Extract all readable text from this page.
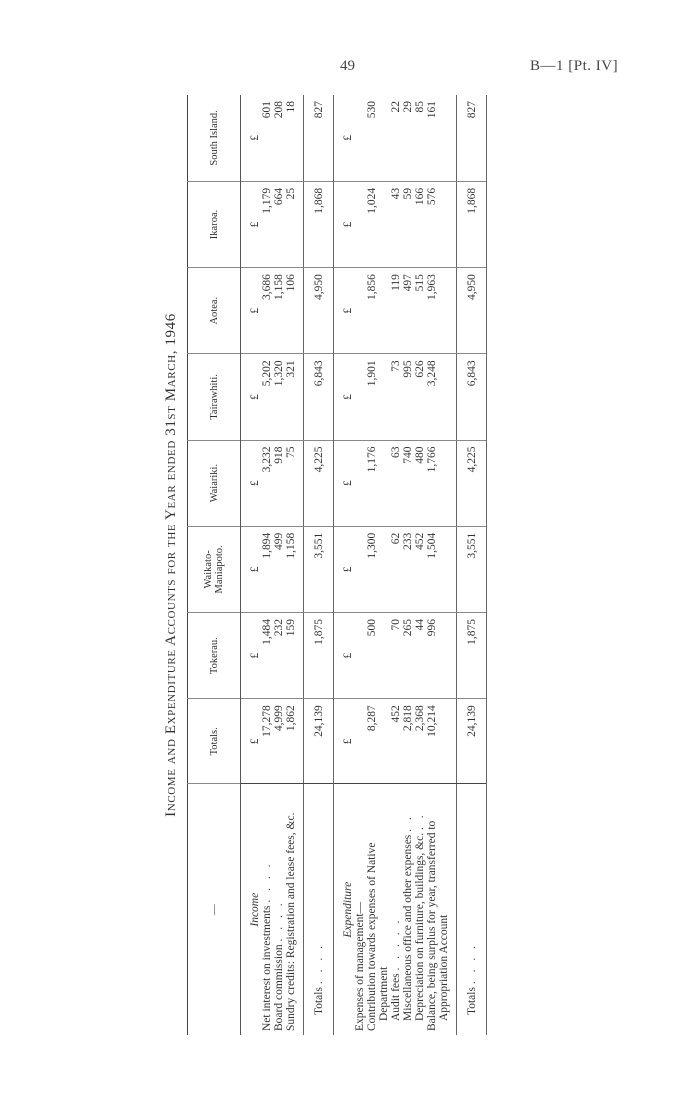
49	B—1 [Pt. IV]
Income and Expenditure Accounts for the Year ended 31st March, 1946
—	Totals.	Tokerau.	Waikato-Maniapoto.	Waiariki.	Tairawhiti.	Aotea.	Ikaroa.	South Island.
Income	£	£	£	£	£	£	£	£
Net interest on investments . . . .	17,278	1,484	1,894	3,232	5,202	3,686	1,179	601
Board commission . . . .	4,999	232	499	918	1,320	1,158	664	208
Sundry credits: Registration and lease fees, &c.	1,862	159	1,158	75	321	106	25	18

Totals . . . .	24,139	1,875	3,551	4,225	6,843	4,950	1,868	827
Expenditure	£	£	£	£	£	£	£	£
Expenses of management—								
Contribution towards expenses of Native Department	8,287	500	1,300	1,176	1,901	1,856	1,024	530
Audit fees . . . . .	452	70	62	63	73	119	43	22
Miscellaneous office and other expenses . .	2,818	265	233	740	995	497	59	29
Depreciation on furniture, buildings, &c. . .	2,368	44	452	480	626	515	166	85
Balance, being surplus for year, transferred to Appropriation Account	10,214	996	1,504	1,766	3,248	1,963	576	161

Totals . . . .	24,139	1,875	3,551	4,225	6,843	4,950	1,868	827
